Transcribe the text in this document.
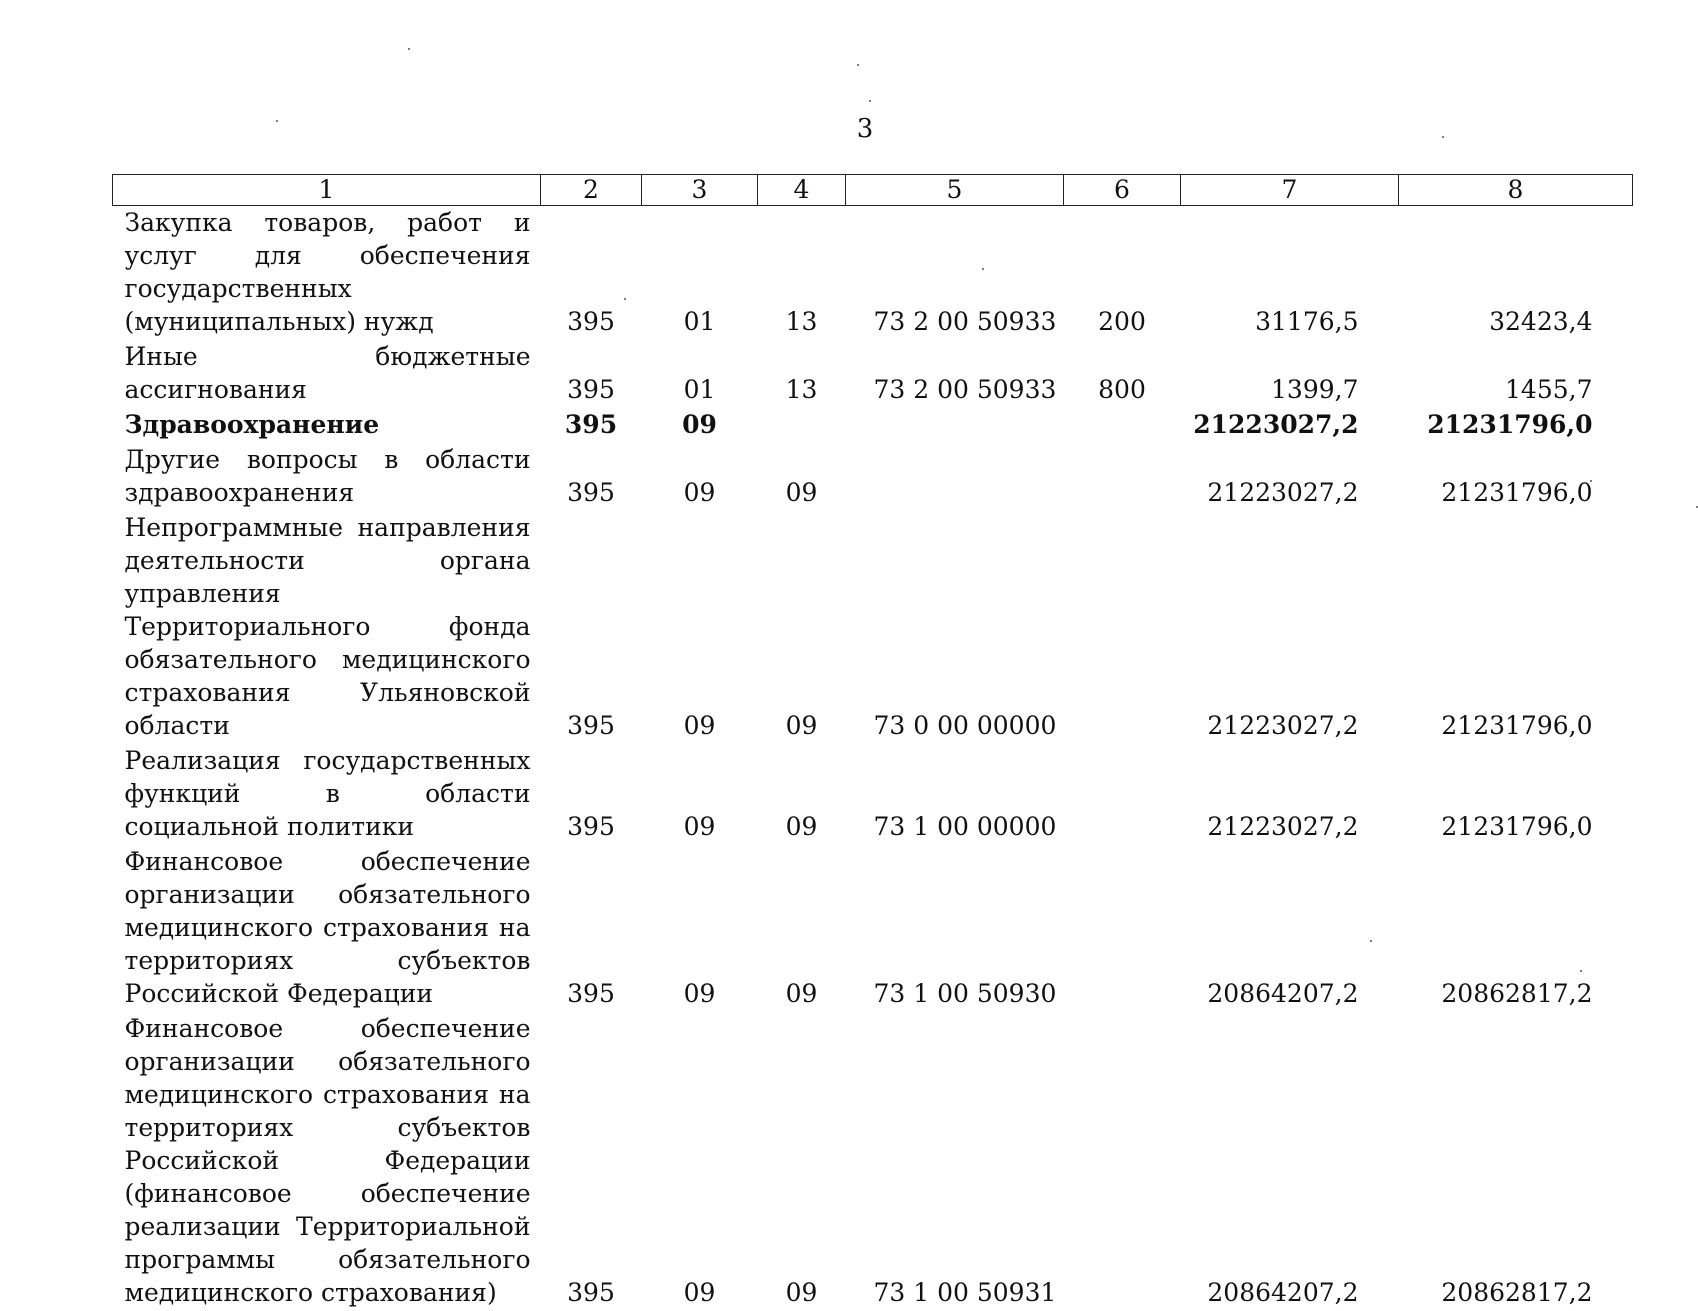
3
1	2	3	4	5	6	7	8
Закупка товаров, работ и услуг для обеспечения государственных (муниципальных) нужд	395	01	13	73 2 00 50933	200	31176,5	32423,4
Иные бюджетные ассигнования	395	01	13	73 2 00 50933	800	1399,7	1455,7
Здравоохранение	395	09				21223027,2	21231796,0
Другие вопросы в области здравоохранения	395	09	09			21223027,2	21231796,0
Непрограммные направления деятельности органа управления Территориального фонда обязательного медицинского страхования Ульяновской области	395	09	09	73 0 00 00000		21223027,2	21231796,0
Реализация государственных функций в области социальной политики	395	09	09	73 1 00 00000		21223027,2	21231796,0
Финансовое обеспечение организации обязательного медицинского страхования на территориях субъектов Российской Федерации	395	09	09	73 1 00 50930		20864207,2	20862817,2
Финансовое обеспечение организации обязательного медицинского страхования на территориях субъектов Российской Федерации (финансовое обеспечение реализации Территориальной программы обязательного медицинского страхования)	395	09	09	73 1 00 50931		20864207,2	20862817,2
